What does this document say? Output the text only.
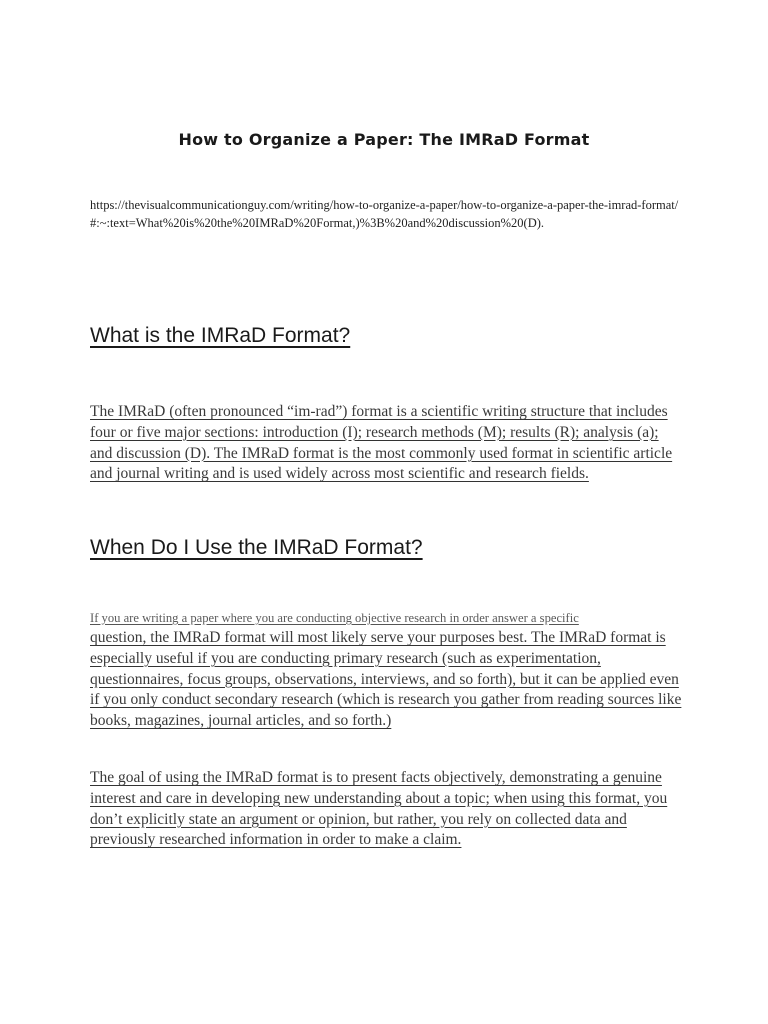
How to Organize a Paper: The IMRaD Format

https://thevisualcommunicationguy.com/writing/how-to-organize-a-paper/how-to-organize-a-paper-the-imrad-format/#:~:text=What%20is%20the%20IMRaD%20Format,)%3B%20and%20discussion%20(D).

What is the IMRaD Format?

The IMRaD (often pronounced “im-rad”) format is a scientific writing structure that includes four or five major sections: introduction (I); research methods (M); results (R); analysis (a); and discussion (D). The IMRaD format is the most commonly used format in scientific article and journal writing and is used widely across most scientific and research fields.

When Do I Use the IMRaD Format?

If you are writing a paper where you are conducting objective research in order answer a specific

question, the IMRaD format will most likely serve your purposes best. The IMRaD format is especially useful if you are conducting primary research (such as experimentation, questionnaires, focus groups, observations, interviews, and so forth), but it can be applied even if you only conduct secondary research (which is research you gather from reading sources like books, magazines, journal articles, and so forth.)

The goal of using the IMRaD format is to present facts objectively, demonstrating a genuine interest and care in developing new understanding about a topic; when using this format, you don’t explicitly state an argument or opinion, but rather, you rely on collected data and previously researched information in order to make a claim.
